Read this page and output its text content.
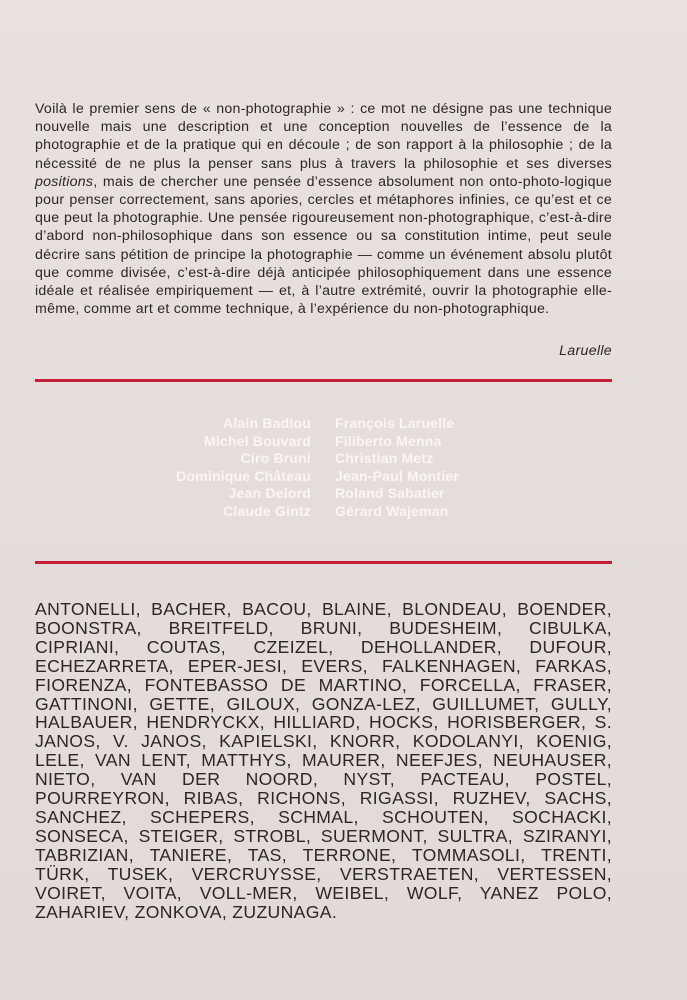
Voilà le premier sens de « non-photographie » : ce mot ne désigne pas une technique nouvelle mais une description et une conception nouvelles de l’essence de la photographie et de la pratique qui en découle ; de son rapport à la philosophie ; de la nécessité de ne plus la penser sans plus à travers la philosophie et ses diverses positions, mais de chercher une pensée d’essence absolument non onto-photo-logique pour penser correctement, sans apories, cercles et métaphores infinies, ce qu’est et ce que peut la photographie. Une pensée rigoureusement non-photographique, c’est-à-dire d’abord non-philosophique dans son essence ou sa constitution intime, peut seule décrire sans pétition de principe la photographie — comme un événement absolu plutôt que comme divisée, c’est-à-dire déjà anticipée philosophiquement dans une essence idéale et réalisée empiriquement — et, à l’autre extrémité, ouvrir la photographie elle-même, comme art et comme technique, à l’expérience du non-photographique.

Laruelle
Alain Badiou
Michel Bouvard
Ciro Bruni
Dominique Château
Jean Delord
Claude Gintz
François Laruelle
Filiberto Menna
Christian Metz
Jean-Paul Montier
Roland Sabatier
Gérard Wajeman
ANTONELLI, BACHER, BACOU, BLAINE, BLONDEAU, BOENDER, BOONSTRA, BREITFELD, BRUNI, BUDESHEIM, CIBULKA, CIPRIANI, COUTAS, CZEIZEL, DEHOLLANDER, DUFOUR, ECHEZARRETA, EPER-JESI, EVERS, FALKENHAGEN, FARKAS, FIORENZA, FONTEBASSO DE MARTINO, FORCELLA, FRASER, GATTINONI, GETTE, GILOUX, GONZA-LEZ, GUILLUMET, GULLY, HALBAUER, HENDRYCKX, HILLIARD, HOCKS, HORISBERGER, S. JANOS, V. JANOS, KAPIELSKI, KNORR, KODOLANYI, KOENIG, LELE, VAN LENT, MATTHYS, MAURER, NEEFJES, NEUHAUSER, NIETO, VAN DER NOORD, NYST, PACTEAU, POSTEL, POURREYRON, RIBAS, RICHONS, RIGASSI, RUZHEV, SACHS, SANCHEZ, SCHEPERS, SCHMAL, SCHOUTEN, SOCHACKI, SONSECA, STEIGER, STROBL, SUERMONT, SULTRA, SZIRANYI, TABRIZIAN, TANIERE, TAS, TERRONE, TOMMASOLI, TRENTI, TÜRK, TUSEK, VERCRUYSSE, VERSTRAETEN, VERTESSEN, VOIRET, VOITA, VOLL-MER, WEIBEL, WOLF, YANEZ POLO, ZAHARIEV, ZONKOVA, ZUZUNAGA.
